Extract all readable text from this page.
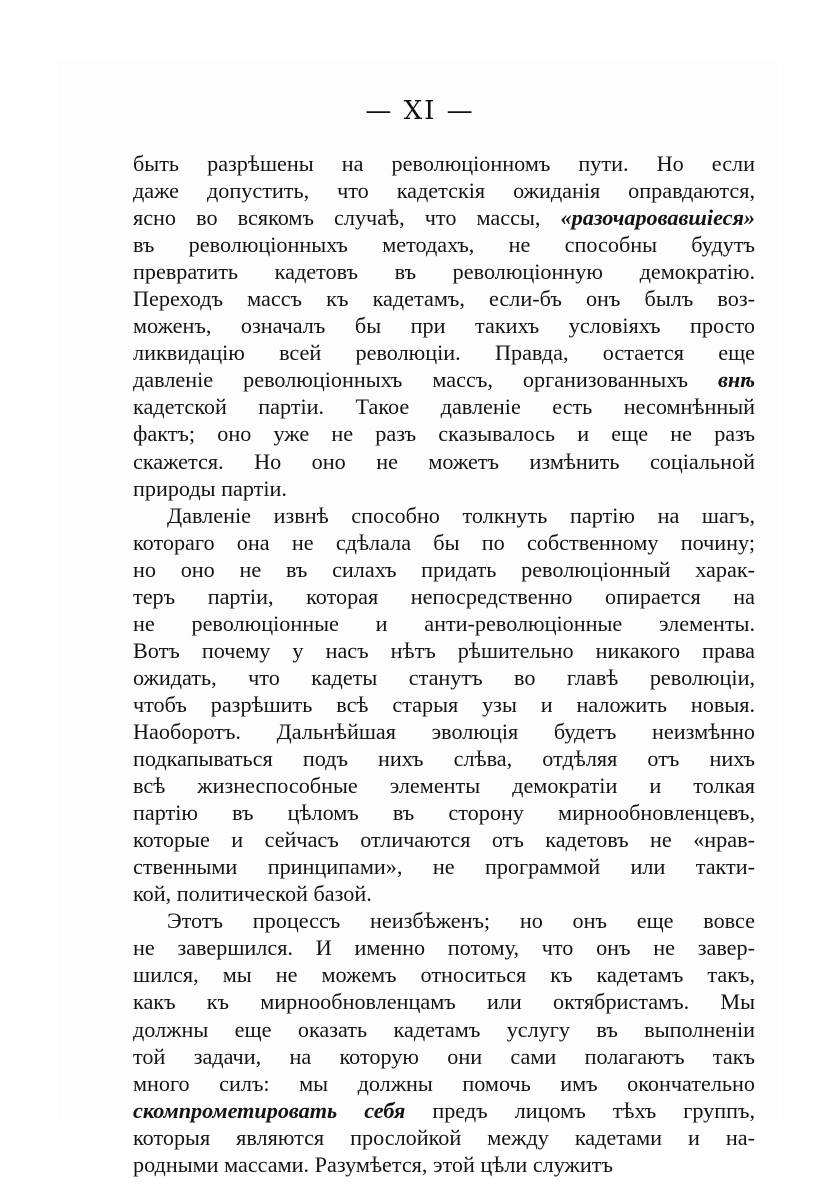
— XI —
быть разрѣшены на революціонномъ пути. Но если
даже допустить, что кадетскія ожиданія оправдаются,
ясно во всякомъ случаѣ, что массы, «разочаровавшіеся»
въ революціонныхъ методахъ, не способны будутъ
превратить кадетовъ въ революціонную демократію.
Переходъ массъ къ кадетамъ, если-бъ онъ былъ воз-
моженъ, означалъ бы при такихъ условіяхъ просто
ликвидацію всей революціи. Правда, остается еще
давленіе революціонныхъ массъ, организованныхъ внѣ
кадетской партіи. Такое давленіе есть несомнѣнный
фактъ; оно уже не разъ сказывалось и еще не разъ
скажется. Но оно не можетъ измѣнить соціальной
природы партіи.
Давленіе извнѣ способно толкнуть партію на шагъ,
котораго она не сдѣлала бы по собственному почину;
но оно не въ силахъ придать революціонный харак-
теръ партіи, которая непосредственно опирается на
не революціонные и анти-революціонные элементы.
Вотъ почему у насъ нѣтъ рѣшительно никакого права
ожидать, что кадеты станутъ во главѣ революціи,
чтобъ разрѣшить всѣ старыя узы и наложить новыя.
Наоборотъ. Дальнѣйшая эволюція будетъ неизмѣнно
подкапываться подъ нихъ слѣва, отдѣляя отъ нихъ
всѣ жизнеспособные элементы демократіи и толкая
партію въ цѣломъ въ сторону мирнообновленцевъ,
которые и сейчасъ отличаются отъ кадетовъ не «нрав-
ственными принципами», не программой или такти-
кой, политической базой.
Этотъ процессъ неизбѣженъ; но онъ еще вовсе
не завершился. И именно потому, что онъ не завер-
шился, мы не можемъ относиться къ кадетамъ такъ,
какъ къ мирнообновленцамъ или октябристамъ. Мы
должны еще оказать кадетамъ услугу въ выполненіи
той задачи, на которую они сами полагаютъ такъ
много силъ: мы должны помочь имъ окончательно
скомпрометировать себя предъ лицомъ тѣхъ группъ,
которыя являются прослойкой между кадетами и на-
родными массами. Разумѣется, этой цѣли служитъ
